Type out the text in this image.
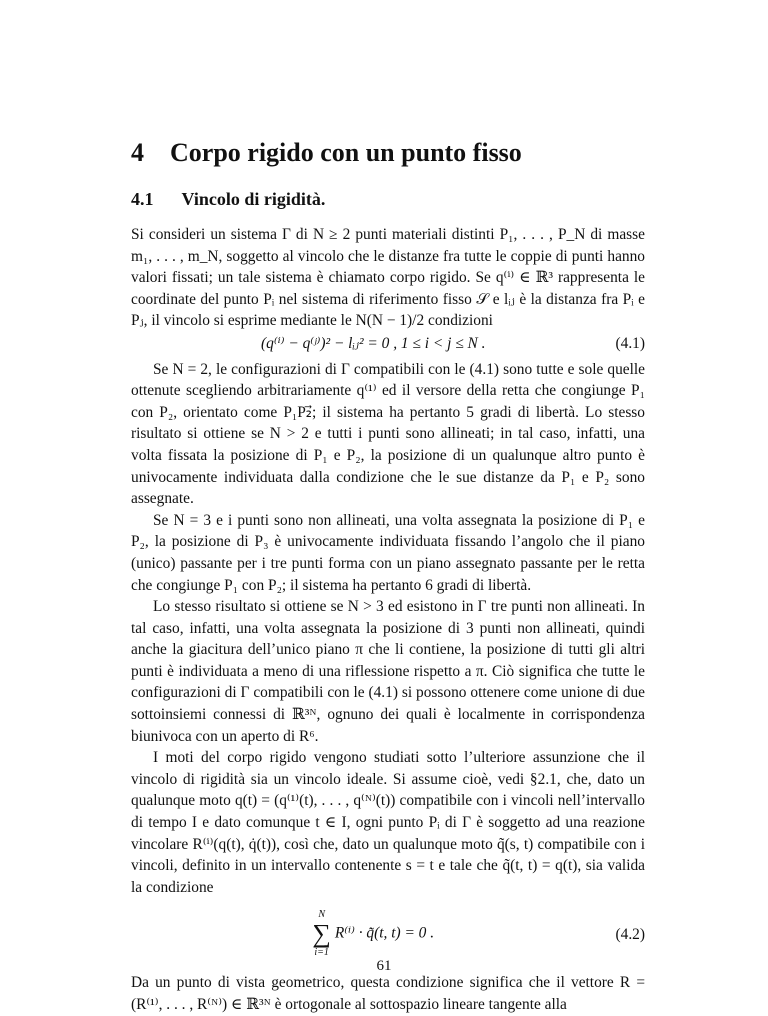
4 Corpo rigido con un punto fisso
4.1 Vincolo di rigidità.

Si consideri un sistema Γ di N ≥ 2 punti materiali distinti P₁, . . . , P_N di masse m₁, . . . , m_N, soggetto al vincolo che le distanze fra tutte le coppie di punti hanno valori fissati; un tale sistema è chiamato corpo rigido. Se q⁽ⁱ⁾ ∈ ℝ³ rappresenta le coordinate del punto Pᵢ nel sistema di riferimento fisso 𝒮 e lᵢⱼ è la distanza fra Pᵢ e Pⱼ, il vincolo si esprime mediante le N(N − 1)/2 condizioni

(q⁽ⁱ⁾ − q⁽ʲ⁾)² − lᵢⱼ² = 0 , 1 ≤ i < j ≤ N .	(4.1)

Se N = 2, le configurazioni di Γ compatibili con le (4.1) sono tutte e sole quelle ottenute scegliendo arbitrariamente q⁽¹⁾ ed il versore della retta che congiunge P₁ con P₂, orientato come P₁P₂⃗; il sistema ha pertanto 5 gradi di libertà. Lo stesso risultato si ottiene se N > 2 e tutti i punti sono allineati; in tal caso, infatti, una volta fissata la posizione di P₁ e P₂, la posizione di un qualunque altro punto è univocamente individuata dalla condizione che le sue distanze da P₁ e P₂ sono assegnate.

Se N = 3 e i punti sono non allineati, una volta assegnata la posizione di P₁ e P₂, la posizione di P₃ è univocamente individuata fissando l’angolo che il piano (unico) passante per i tre punti forma con un piano assegnato passante per le retta che congiunge P₁ con P₂; il sistema ha pertanto 6 gradi di libertà.

Lo stesso risultato si ottiene se N > 3 ed esistono in Γ tre punti non allineati. In tal caso, infatti, una volta assegnata la posizione di 3 punti non allineati, quindi anche la giacitura dell’unico piano π che li contiene, la posizione di tutti gli altri punti è individuata a meno di una riflessione rispetto a π. Ciò significa che tutte le configurazioni di Γ compatibili con le (4.1) si possono ottenere come unione di due sottoinsiemi connessi di ℝ³ᴺ, ognuno dei quali è localmente in corrispondenza biunivoca con un aperto di R⁶.

I moti del corpo rigido vengono studiati sotto l’ulteriore assunzione che il vincolo di rigidità sia un vincolo ideale. Si assume cioè, vedi §2.1, che, dato un qualunque moto q(t) = (q⁽¹⁾(t), . . . , q⁽ᴺ⁾(t)) compatibile con i vincoli nell’intervallo di tempo I e dato comunque t ∈ I, ogni punto Pᵢ di Γ è soggetto ad una reazione vincolare R⁽ⁱ⁾(q(t), q̇(t)), così che, dato un qualunque moto q̃(s, t) compatibile con i vincoli, definito in un intervallo contenente s = t e tale che q̃(t, t) = q(t), sia valida la condizione

N
∑
i=1
R⁽ⁱ⁾ · q̃̇(t, t) = 0 .	(4.2)

Da un punto di vista geometrico, questa condizione significa che il vettore R = (R⁽¹⁾, . . . , R⁽ᴺ⁾) ∈ ℝ³ᴺ è ortogonale al sottospazio lineare tangente alla

61
